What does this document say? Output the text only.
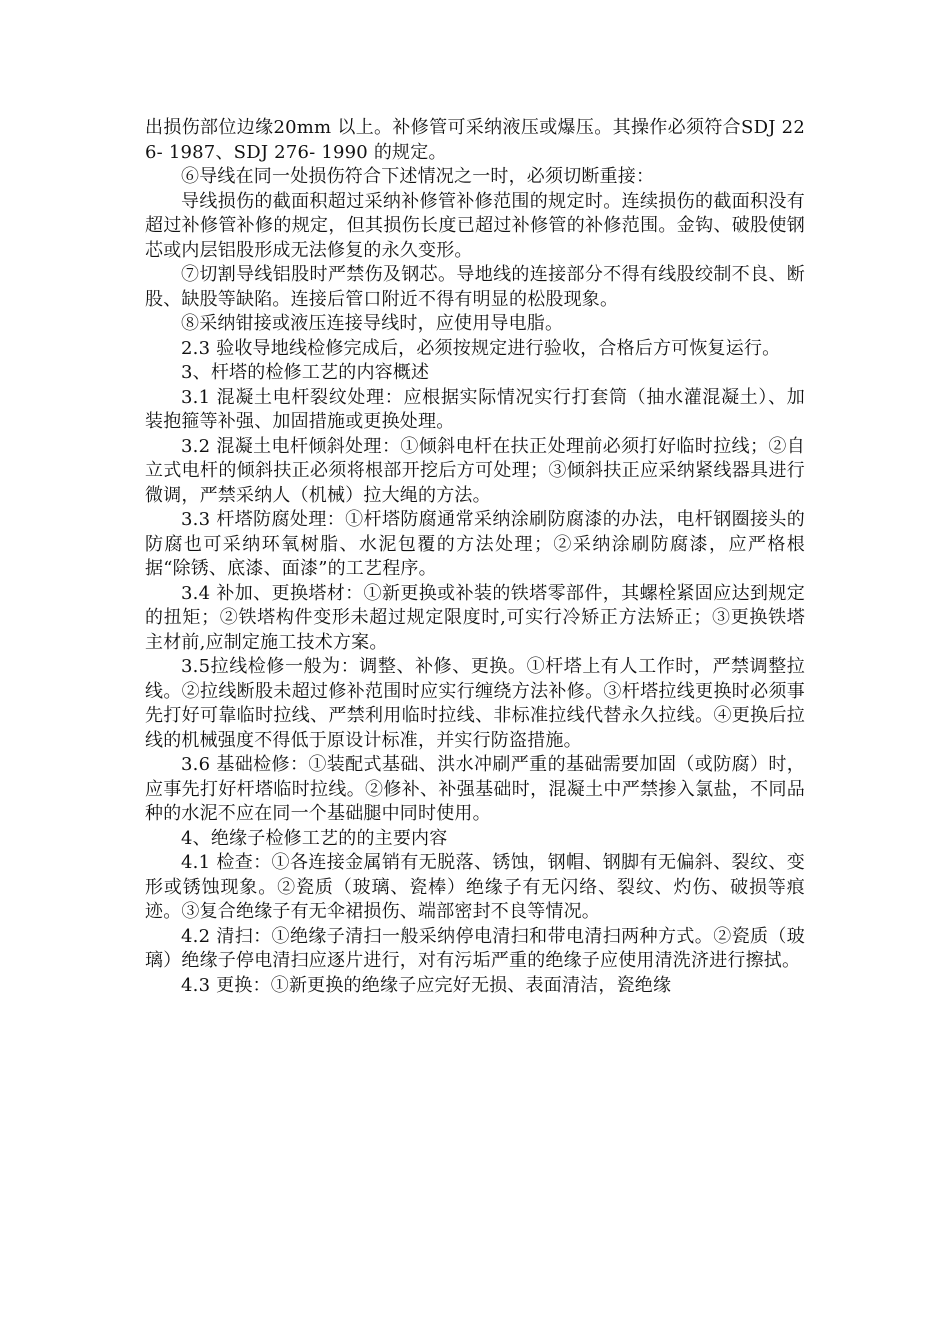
出损伤部位边缘20mm 以上。补修管可采纳液压或爆压。其操作必须符合SDJ 226- 1987、SDJ 276- 1990 的规定。

⑥导线在同一处损伤符合下述情况之一时，必须切断重接：

导线损伤的截面积超过采纳补修管补修范围的规定时。连续损伤的截面积没有超过补修管补修的规定，但其损伤长度已超过补修管的补修范围。金钩、破股使钢芯或内层铝股形成无法修复的永久变形。

⑦切割导线铝股时严禁伤及钢芯。导地线的连接部分不得有线股绞制不良、断股、缺股等缺陷。连接后管口附近不得有明显的松股现象。

⑧采纳钳接或液压连接导线时，应使用导电脂。

2.3 验收导地线检修完成后，必须按规定进行验收，合格后方可恢复运行。

3、杆塔的检修工艺的内容概述

3.1 混凝土电杆裂纹处理：应根据实际情况实行打套筒（抽水灌混凝土）、加装抱箍等补强、加固措施或更换处理。

3.2 混凝土电杆倾斜处理：①倾斜电杆在扶正处理前必须打好临时拉线；②自立式电杆的倾斜扶正必须将根部开挖后方可处理；③倾斜扶正应采纳紧线器具进行微调，严禁采纳人（机械）拉大绳的方法。

3.3 杆塔防腐处理：①杆塔防腐通常采纳涂刷防腐漆的办法，电杆钢圈接头的防腐也可采纳环氧树脂、水泥包覆的方法处理；②采纳涂刷防腐漆，应严格根据“除锈、底漆、面漆”的工艺程序。

3.4 补加、更换塔材：①新更换或补装的铁塔零部件，其螺栓紧固应达到规定的扭矩；②铁塔构件变形未超过规定限度时,可实行冷矫正方法矫正；③更换铁塔主材前,应制定施工技术方案。

3.5拉线检修一般为：调整、补修、更换。①杆塔上有人工作时，严禁调整拉线。②拉线断股未超过修补范围时应实行缠绕方法补修。③杆塔拉线更换时必须事先打好可靠临时拉线、严禁利用临时拉线、非标准拉线代替永久拉线。④更换后拉线的机械强度不得低于原设计标准，并实行防盗措施。

3.6 基础检修：①装配式基础、洪水冲刷严重的基础需要加固（或防腐）时，应事先打好杆塔临时拉线。②修补、补强基础时，混凝土中严禁掺入氯盐，不同品种的水泥不应在同一个基础腿中同时使用。

4、绝缘子检修工艺的的主要内容

4.1 检查：①各连接金属销有无脱落、锈蚀，钢帽、钢脚有无偏斜、裂纹、变形或锈蚀现象。②瓷质（玻璃、瓷棒）绝缘子有无闪络、裂纹、灼伤、破损等痕迹。③复合绝缘子有无伞裙损伤、端部密封不良等情况。

4.2 清扫：①绝缘子清扫一般采纳停电清扫和带电清扫两种方式。②瓷质（玻璃）绝缘子停电清扫应逐片进行，对有污垢严重的绝缘子应使用清洗济进行擦拭。

4.3 更换：①新更换的绝缘子应完好无损、表面清洁，瓷绝缘
